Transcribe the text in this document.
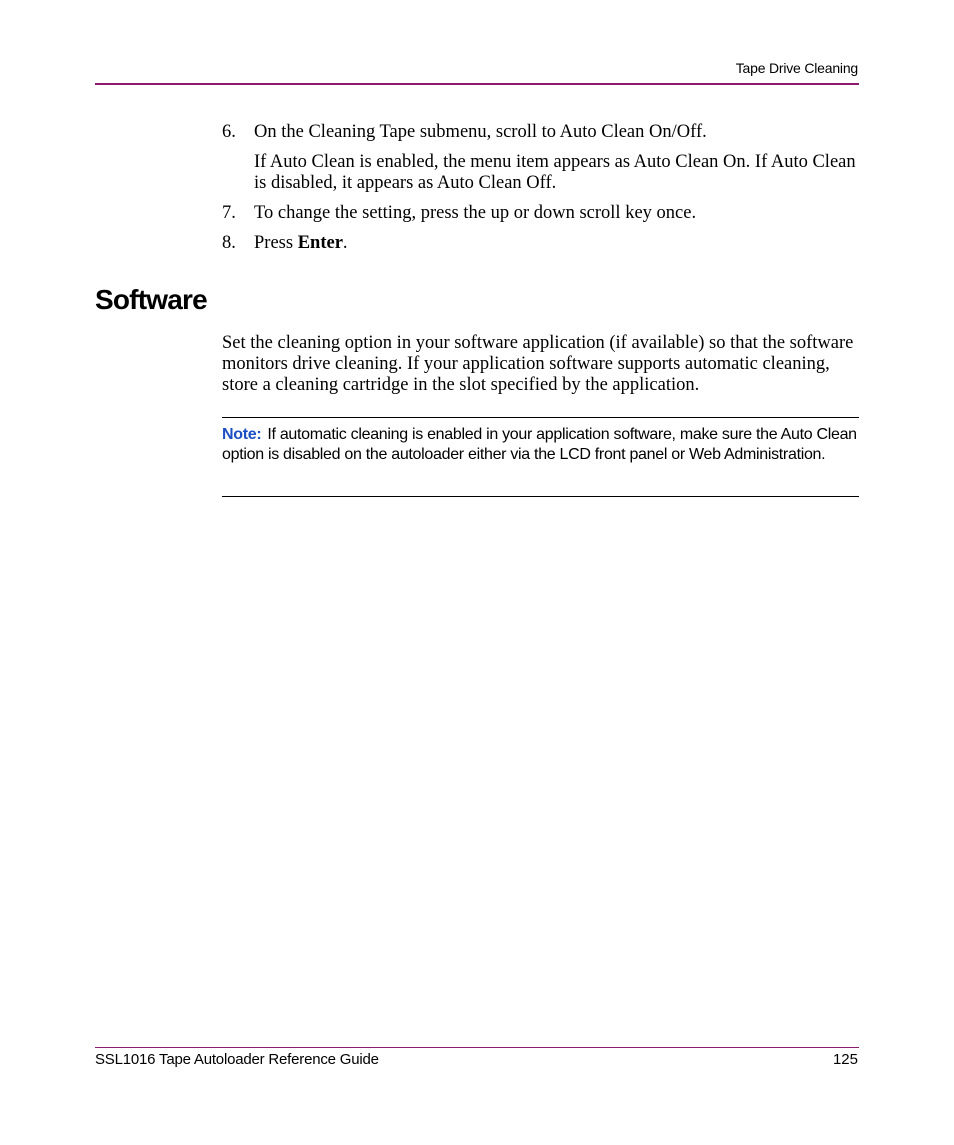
Tape Drive Cleaning
6. On the Cleaning Tape submenu, scroll to Auto Clean On/Off.
If Auto Clean is enabled, the menu item appears as Auto Clean On. If Auto Clean is disabled, it appears as Auto Clean Off.
7. To change the setting, press the up or down scroll key once.
8. Press Enter.
Software
Set the cleaning option in your software application (if available) so that the software monitors drive cleaning. If your application software supports automatic cleaning, store a cleaning cartridge in the slot specified by the application.
Note: If automatic cleaning is enabled in your application software, make sure the Auto Clean option is disabled on the autoloader either via the LCD front panel or Web Administration.
SSL1016 Tape Autoloader Reference Guide	125
